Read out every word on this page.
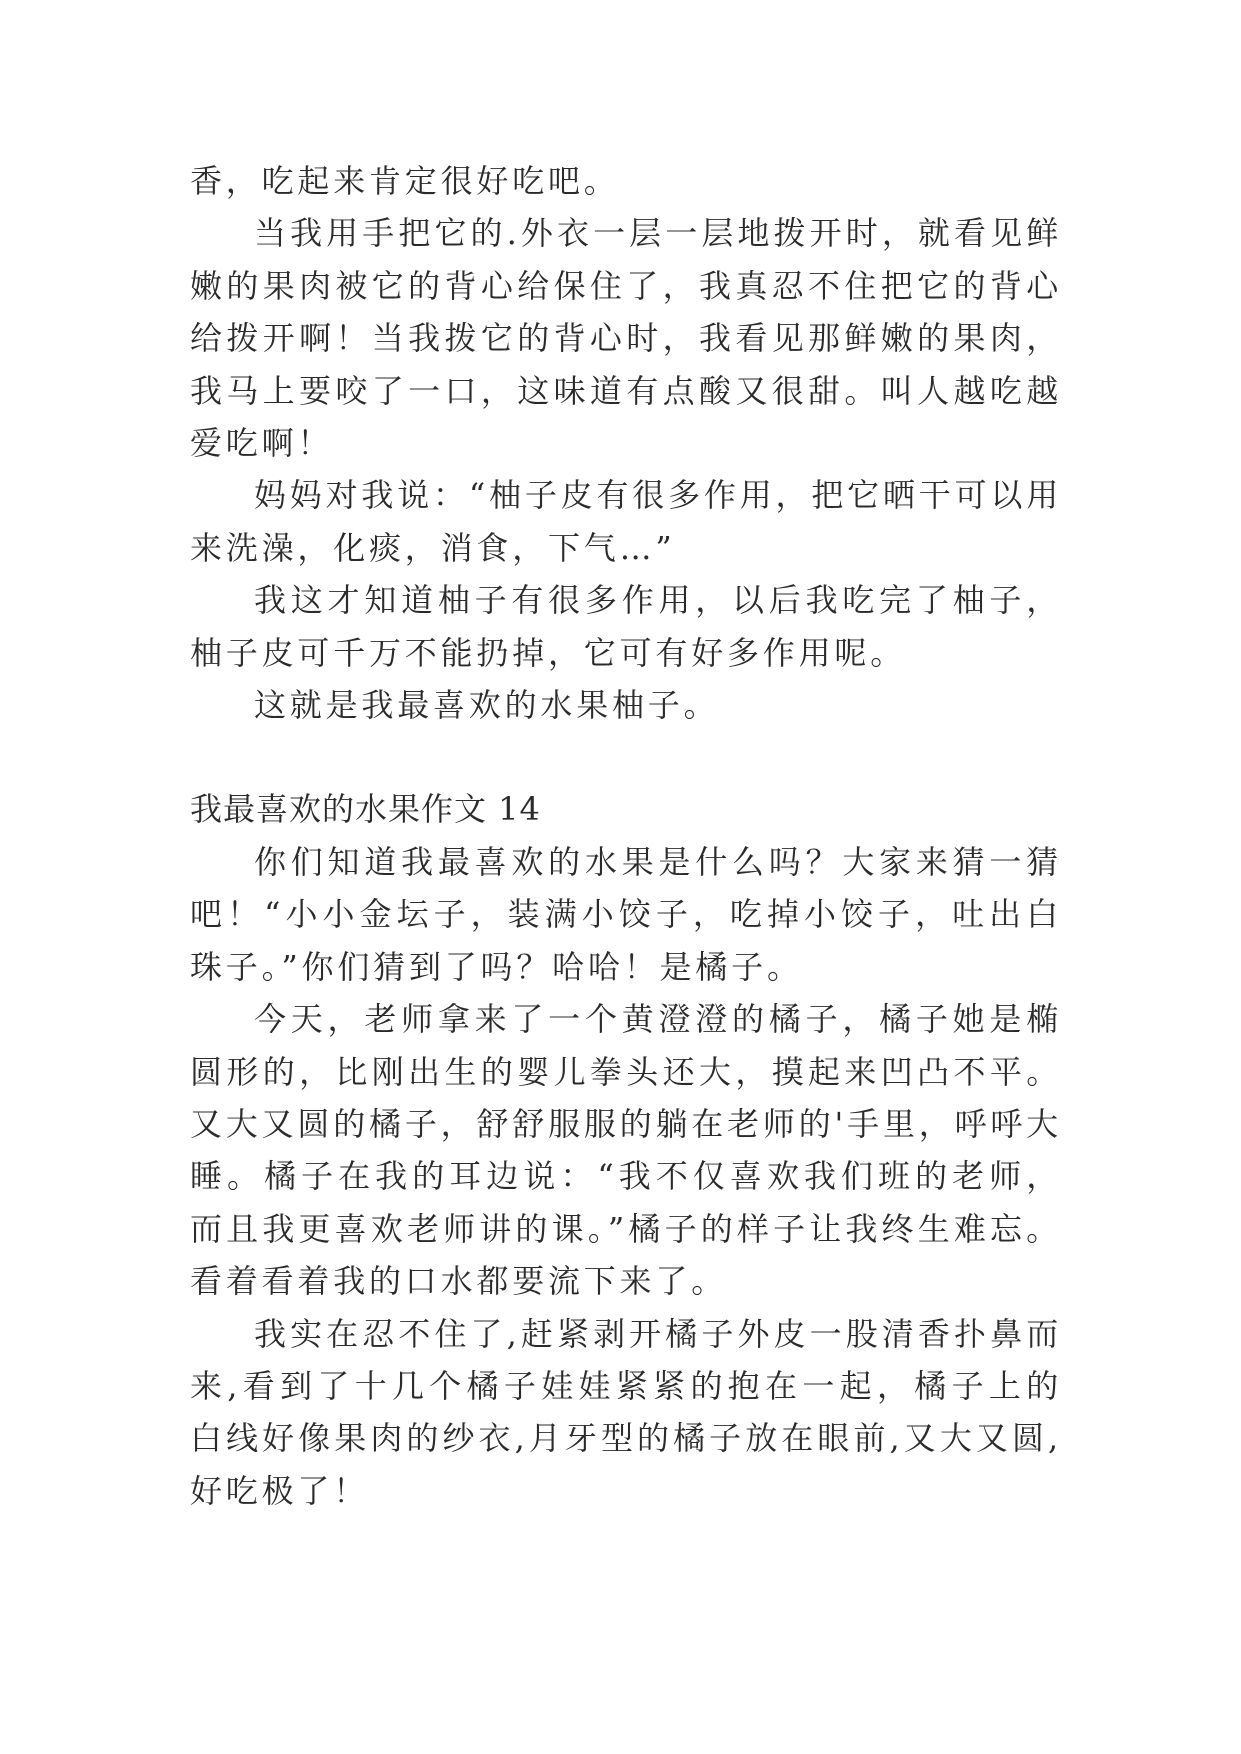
香，吃起来肯定很好吃吧。

当我用手把它的.外衣一层一层地拨开时，就看见鲜嫩的果肉被它的背心给保住了，我真忍不住把它的背心给拨开啊！当我拨它的背心时，我看见那鲜嫩的果肉，我马上要咬了一口，这味道有点酸又很甜。叫人越吃越爱吃啊！

妈妈对我说：“柚子皮有很多作用，把它晒干可以用来洗澡，化痰，消食，下气…”

我这才知道柚子有很多作用，以后我吃完了柚子，柚子皮可千万不能扔掉，它可有好多作用呢。

这就是我最喜欢的水果柚子。

我最喜欢的水果作文 14

你们知道我最喜欢的水果是什么吗？大家来猜一猜吧！“小小金坛子，装满小饺子，吃掉小饺子，吐出白珠子。”你们猜到了吗？哈哈！是橘子。

今天，老师拿来了一个黄澄澄的橘子，橘子她是椭圆形的，比刚出生的婴儿拳头还大，摸起来凹凸不平。又大又圆的橘子，舒舒服服的躺在老师的'手里，呼呼大睡。橘子在我的耳边说：“我不仅喜欢我们班的老师，而且我更喜欢老师讲的课。”橘子的样子让我终生难忘。看着看着我的口水都要流下来了。

我实在忍不住了,赶紧剥开橘子外皮一股清香扑鼻而来,看到了十几个橘子娃娃紧紧的抱在一起，橘子上的白线好像果肉的纱衣,月牙型的橘子放在眼前,又大又圆,好吃极了！
